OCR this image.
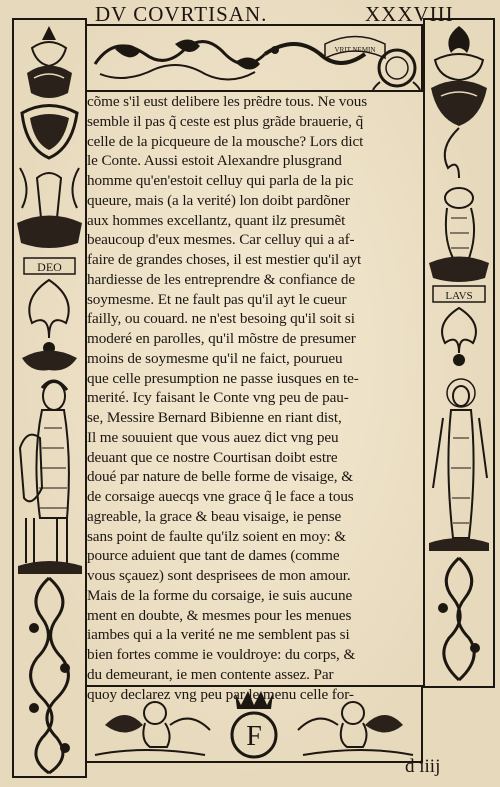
DV COVRTISAN.	XXXVIII
DEO
LAVS
VRIT NEMIN
F
cõme s'il eust delibere les prẽdre tous. Ne vous
semble il pas q̃ ceste est plus grãde brauerie, q̃
celle de la picqueure de la mousche? Lors dict
le Conte. Aussi estoit Alexandre plusgrand
homme qu'en'estoit celluy qui parla de la pic
queure, mais (a la verité) lon doibt pardõner
aux hommes excellantz, quant ilz presumẽt
beaucoup d'eux mesmes. Car celluy qui a af-
faire de grandes choses, il est mestier qu'il ayt
hardiesse de les entreprendre & confiance de
soymesme. Et ne fault pas qu'il ayt le cueur
failly, ou couard. ne n'est besoing qu'il soit si
moderé en parolles, qu'il mõstre de presumer
moins de soymesme qu'il ne faict, pourueu
que celle presumption ne passe iusques en te-
merité. Icy faisant le Conte vng peu de pau-
se, Messire Bernard Bibienne en riant dist,
Il me souuient que vous auez dict vng peu
deuant que ce nostre Courtisan doibt estre
doué par nature de belle forme de visaige, &
de corsaige auecqs vne grace q̃ le face a tous
agreable, la grace & beau visaige, ie pense
sans point de faulte qu'ilz soient en moy: &
pource aduient que tant de dames (comme
vous sçauez) sont desprisees de mon amour.
Mais de la forme du corsaige, ie suis aucune
ment en doubte, & mesmes pour les menues
iambes qui a la verité ne me semblent pas si
bien fortes comme ie vouldroye: du corps, &
du demeurant, ie men contente assez. Par
quoy declarez vng peu par le menu celle for-
d iiij
